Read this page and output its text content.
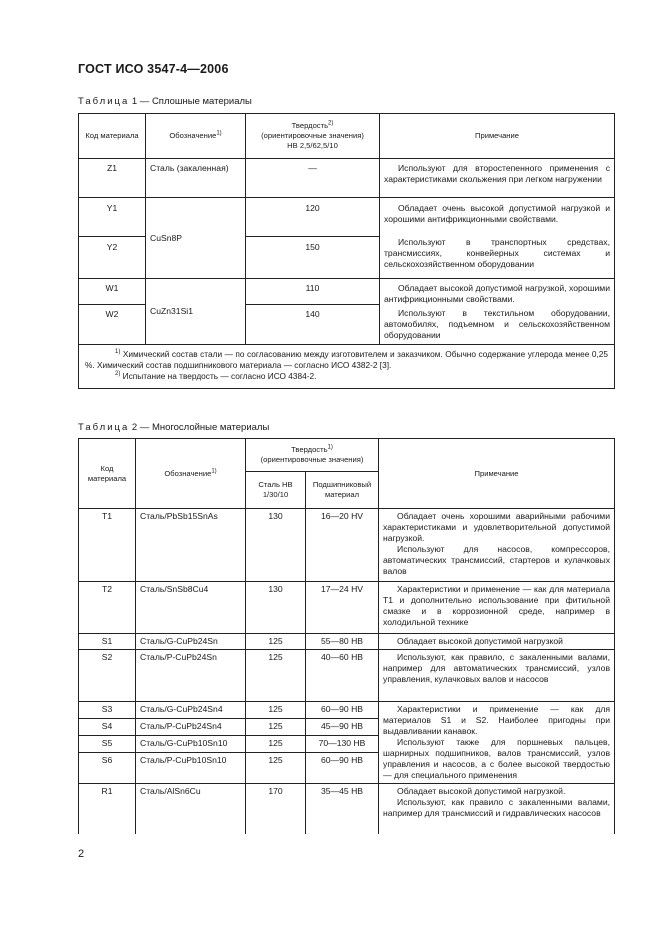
ГОСТ ИСО 3547-4—2006
Таблица 1 — Сплошные материалы
Код материала	Обозначение$^{1)}$	Твердость$^{2)}$
(ориентировочные значения)
HB 2,5/62,5/10	Примечание
Z1	Сталь (закаленная)	—	Используют для второстепенного применения с характеристиками скольжения при легком нагружении
Y1	CuSn8P	120	Обладает очень высокой допустимой нагрузкой и хорошими антифрикционными свойствами.

Используют в транспортных средствах, трансмиссиях, конвейерных системах и сельскохозяйственном оборудовании

Y2		150	
W1	CuZn31Si1	110	Обладает высокой допустимой нагрузкой, хорошими антифрикционными свойствами.

Используют в текстильном оборудовании, автомобилях, подъемном и сельскохозяйственном оборудовании

W2		140	

$^{1)}$ Химический состав стали — по согласованию между изготовителем и заказчиком. Обычно содержание углерода менее 0,25 %. Химический состав подшипникового материала — согласно ИСО 4382-2 [3].

$^{2)}$ Испытание на твердость — согласно ИСО 4384-2.			

Таблица 2 — Многослойные материалы
Код материала	Обозначение$^{1)}$	Твердость$^{1)}$
(ориентировочные значения)		Примечание
		Сталь НВ 1/30/10	Подшипниковый материал	
T1	Сталь/PbSb15SnAs	130	16—20 HV	Обладает очень хорошими аварийными рабочими характеристиками и удовлетворительной допустимой нагрузкой.

Используют для насосов, компрессоров, автоматических трансмиссий, стартеров и кулачковых валов

T2	Сталь/SnSb8Cu4	130	17—24 HV	Характеристики и применение — как для материала T1 и дополнительно использование при фитильной смазке и в коррозионной среде, например в холодильной технике
S1	Сталь/G-CuPb24Sn	125	55—80 HB	Обладает высокой допустимой нагрузкой
S2	Сталь/P-CuPb24Sn	125	40—60 HB	Используют, как правило, с закаленными валами, например для автоматических трансмиссий, узлов управления, кулачковых валов и насосов
S3	Сталь/G-CuPb24Sn4	125	60—90 HB	Характеристики и применение — как для материалов S1 и S2. Наиболее пригодны при выдавливании канавок.

Используют также для поршневых пальцев, шарнирных подшипников, валов трансмиссий, узлов управления и насосов, а с более высокой твердостью — для специального применения

S4	Сталь/P-CuPb24Sn4	125	45—90 HB	
S5	Сталь/G-CuPb10Sn10	125	70—130 HB	
S6	Сталь/P-CuPb10Sn10	125	60—90 HB	
R1	Сталь/AlSn6Cu	170	35—45 HB	Обладает высокой допустимой нагрузкой.

Используют, как правило с закаленными валами, например для трансмиссий и гидравлических насосов

2
